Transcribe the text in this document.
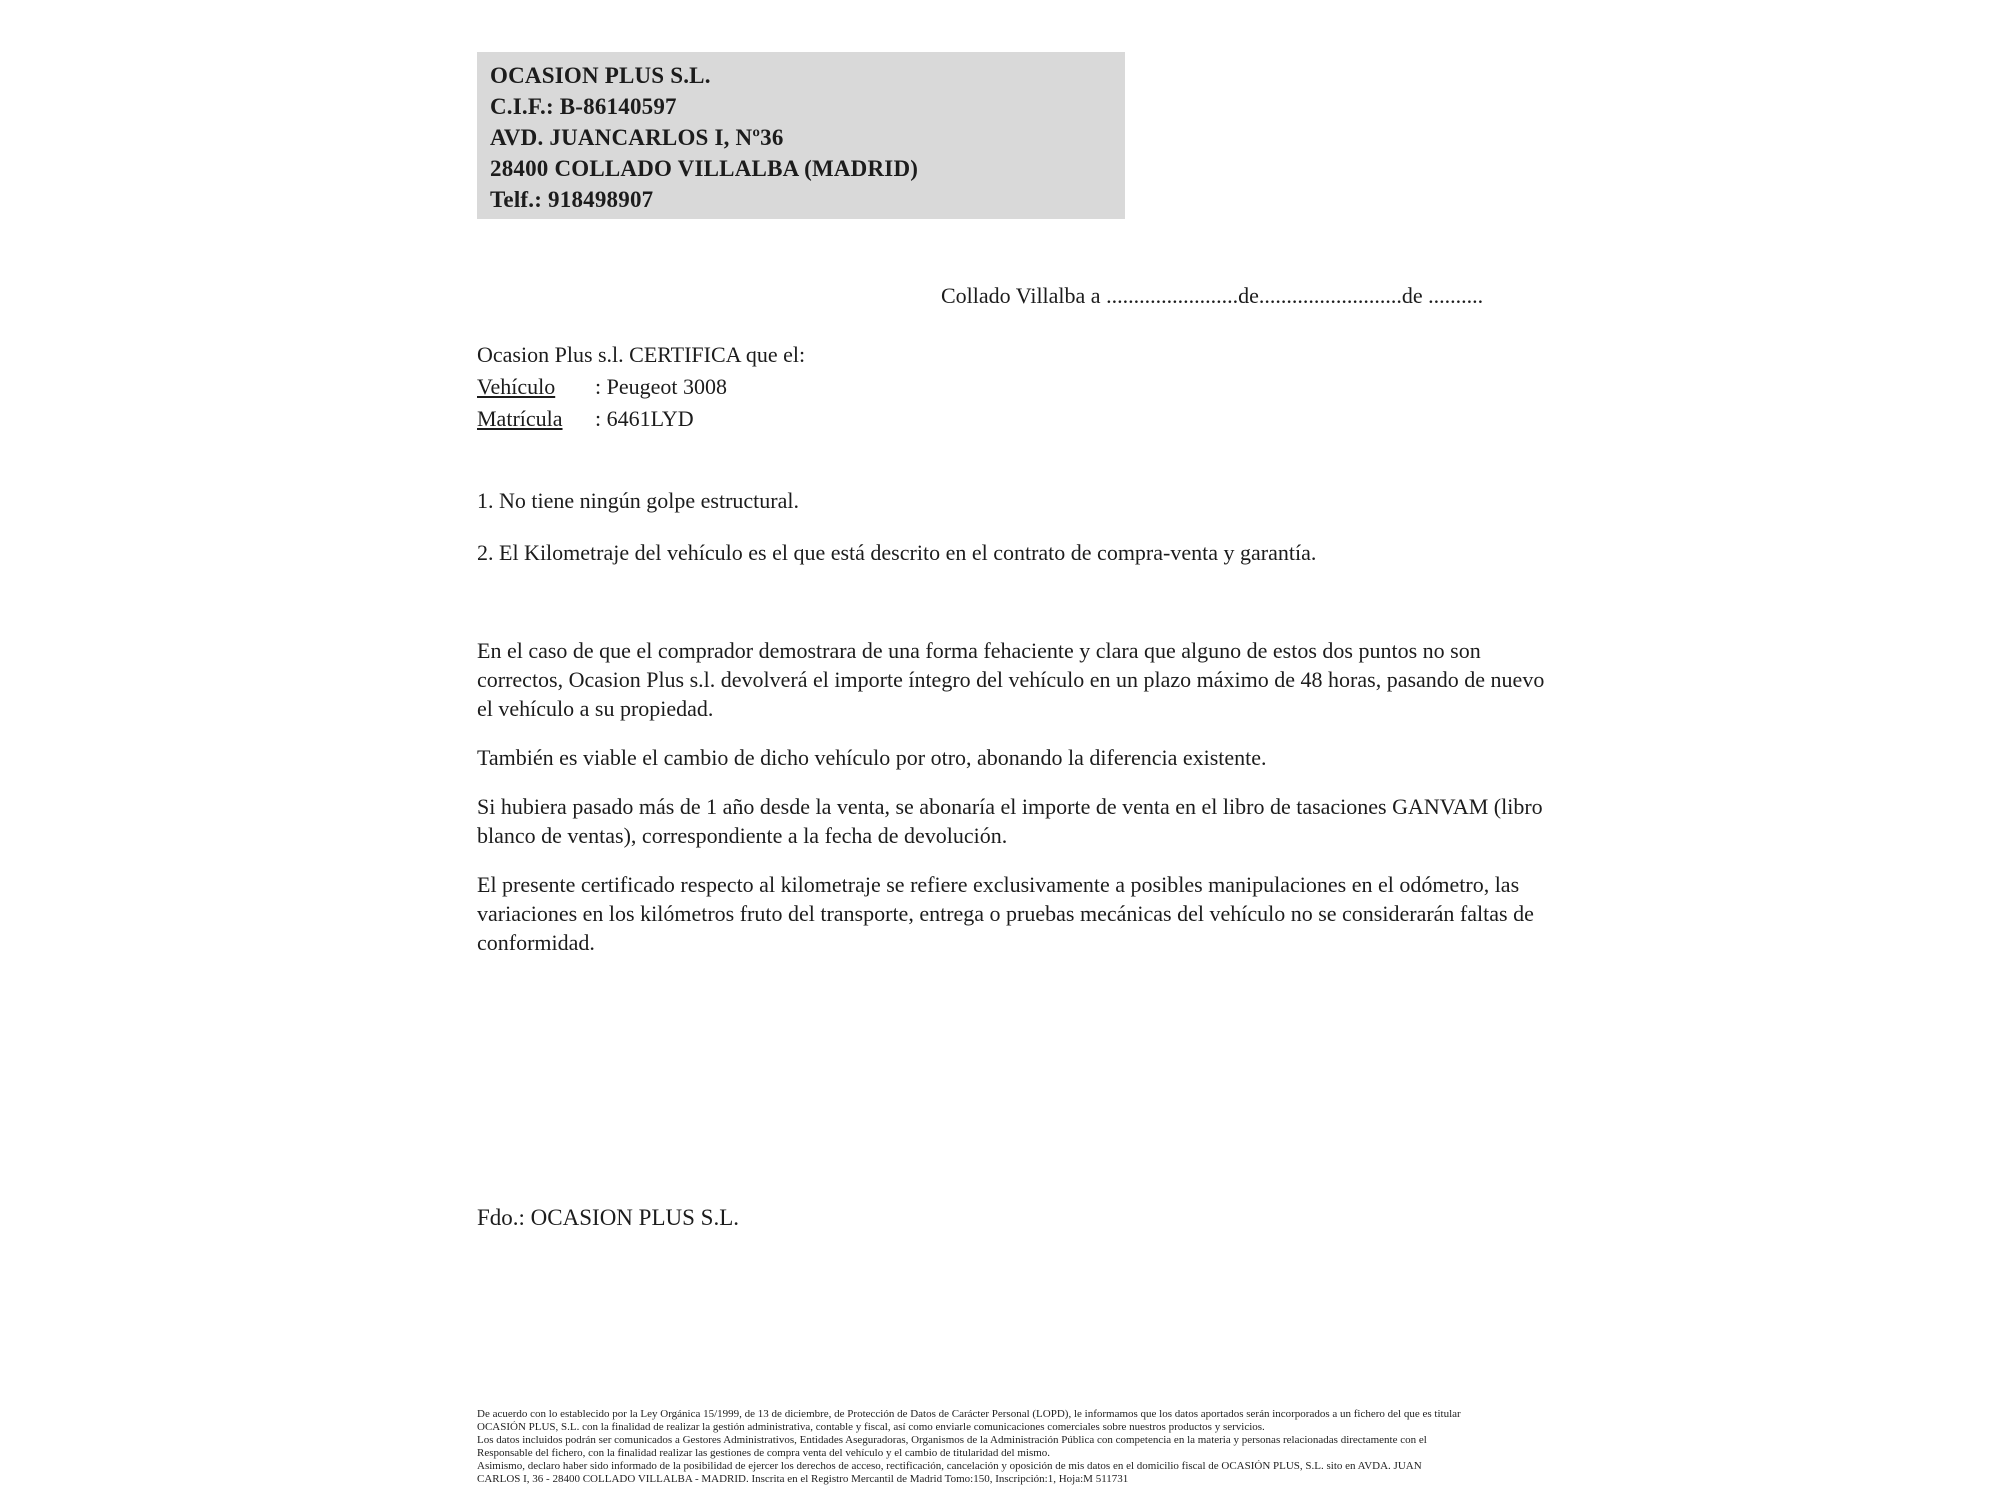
OCASION PLUS S.L.
C.I.F.: B-86140597
AVD. JUANCARLOS I, Nº36
28400 COLLADO VILLALBA (MADRID)
Telf.: 918498907
Collado Villalba a ........................de..........................de ..........
Ocasion Plus s.l. CERTIFICA que el:
Vehículo : Peugeot 3008
Matrícula : 6461LYD
1. No tiene ningún golpe estructural.
2. El Kilometraje del vehículo es el que está descrito en el contrato de compra-venta y garantía.

En el caso de que el comprador demostrara de una forma fehaciente y clara que alguno de estos dos puntos no son correctos, Ocasion Plus s.l. devolverá el importe íntegro del vehículo en un plazo máximo de 48 horas, pasando de nuevo el vehículo a su propiedad.

También es viable el cambio de dicho vehículo por otro, abonando la diferencia existente.

Si hubiera pasado más de 1 año desde la venta, se abonaría el importe de venta en el libro de tasaciones GANVAM (libro blanco de ventas), correspondiente a la fecha de devolución.

El presente certificado respecto al kilometraje se refiere exclusivamente a posibles manipulaciones en el odómetro, las variaciones en los kilómetros fruto del transporte, entrega o pruebas mecánicas del vehículo no se considerarán faltas de conformidad.

Fdo.: OCASION PLUS S.L.
De acuerdo con lo establecido por la Ley Orgánica 15/1999, de 13 de diciembre, de Protección de Datos de Carácter Personal (LOPD), le informamos que los datos aportados serán incorporados a un fichero del que es titular
OCASIÓN PLUS, S.L. con la finalidad de realizar la gestión administrativa, contable y fiscal, así como enviarle comunicaciones comerciales sobre nuestros productos y servicios.
Los datos incluidos podrán ser comunicados a Gestores Administrativos, Entidades Aseguradoras, Organismos de la Administración Pública con competencia en la materia y personas relacionadas directamente con el
Responsable del fichero, con la finalidad realizar las gestiones de compra venta del vehículo y el cambio de titularidad del mismo.
Asimismo, declaro haber sido informado de la posibilidad de ejercer los derechos de acceso, rectificación, cancelación y oposición de mis datos en el domicilio fiscal de OCASIÓN PLUS, S.L. sito en AVDA. JUAN
CARLOS I, 36 - 28400 COLLADO VILLALBA - MADRID. Inscrita en el Registro Mercantil de Madrid Tomo:150, Inscripción:1, Hoja:M 511731
